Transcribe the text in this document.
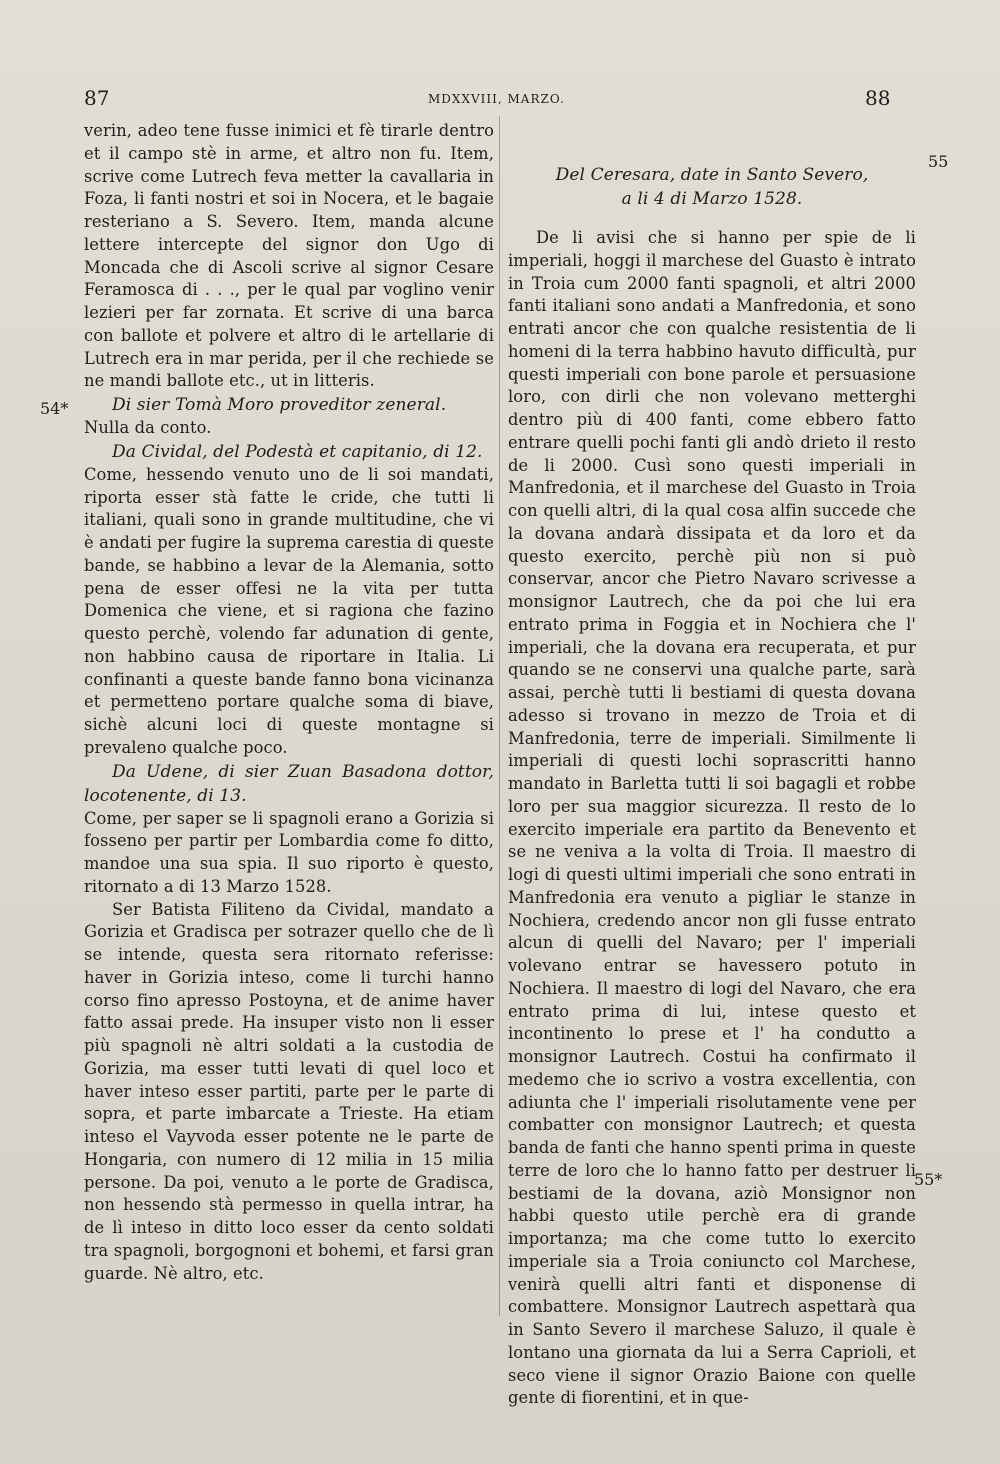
87	MDXXVIII, MARZO.	88
54*
55
55*

verin, adeo tene fusse inimici et fè tirarle dentro et il campo stè in arme, et altro non fu. Item, scrive come Lutrech feva metter la cavallaria in Foza, li fanti nostri et soi in Nocera, et le bagaie resteriano a S. Severo. Item, manda alcune lettere intercepte del signor don Ugo di Moncada che di Ascoli scrive al signor Cesare Feramosca di . . ., per le qual par voglino venir lezieri per far zornata. Et scrive di una barca con ballote et polvere et altro di le artellarie di Lutrech era in mar perida, per il che rechiede se ne mandi ballote etc., ut in litteris.

Di sier Tomà Moro proveditor zeneral.

Nulla da conto.

Da Cividal, del Podestà et capitanio, di 12.

Come, hessendo venuto uno de li soi mandati, riporta esser stà fatte le cride, che tutti li italiani, quali sono in grande multitudine, che vi è andati per fugire la suprema carestia di queste bande, se habbino a levar de la Alemania, sotto pena de esser offesi ne la vita per tutta Domenica che viene, et si ragiona che fazino questo perchè, volendo far adunation di gente, non habbino causa de riportare in Italia. Li confinanti a queste bande fanno bona vicinanza et permetteno portare qualche soma di biave, sichè alcuni loci di queste montagne si prevaleno qualche poco.

Da Udene, di sier Zuan Basadona dottor, locotenente, di 13.

Come, per saper se li spagnoli erano a Gorizia si fosseno per partir per Lombardia come fo ditto, mandoe una sua spia. Il suo riporto è questo, ritornato a di 13 Marzo 1528.

Ser Batista Filiteno da Cividal, mandato a Gorizia et Gradisca per sotrazer quello che de lì se intende, questa sera ritornato referisse: haver in Gorizia inteso, come li turchi hanno corso fino apresso Postoyna, et de anime haver fatto assai prede. Ha insuper visto non li esser più spagnoli nè altri soldati a la custodia de Gorizia, ma esser tutti levati di quel loco et haver inteso esser partiti, parte per le parte di sopra, et parte imbarcate a Trieste. Ha etiam inteso el Vayvoda esser potente ne le parte de Hongaria, con numero di 12 milia in 15 milia persone. Da poi, venuto a le porte de Gradisca, non hessendo stà permesso in quella intrar, ha de lì inteso in ditto loco esser da cento soldati tra spagnoli, borgognoni et bohemi, et farsi gran guarde. Nè altro, etc.

Del Ceresara, date in Santo Severo,

a li 4 di Marzo 1528.

De li avisi che si hanno per spie de li imperiali, hoggi il marchese del Guasto è intrato in Troia cum 2000 fanti spagnoli, et altri 2000 fanti italiani sono andati a Manfredonia, et sono entrati ancor che con qualche resistentia de li homeni di la terra habbino havuto difficultà, pur questi imperiali con bone parole et persuasione loro, con dirli che non volevano metterghi dentro più di 400 fanti, come ebbero fatto entrare quelli pochi fanti gli andò drieto il resto de li 2000. Cusì sono questi imperiali in Manfredonia, et il marchese del Guasto in Troia con quelli altri, di la qual cosa alfin succede che la dovana andarà dissipata et da loro et da questo exercito, perchè più non si può conservar, ancor che Pietro Navaro scrivesse a monsignor Lautrech, che da poi che lui era entrato prima in Foggia et in Nochiera che l' imperiali, che la dovana era recuperata, et pur quando se ne conservi una qualche parte, sarà assai, perchè tutti li bestiami di questa dovana adesso si trovano in mezzo de Troia et di Manfredonia, terre de imperiali. Similmente li imperiali di questi lochi soprascritti hanno mandato in Barletta tutti li soi bagagli et robbe loro per sua maggior sicurezza. Il resto de lo exercito imperiale era partito da Benevento et se ne veniva a la volta di Troia. Il maestro di logi di questi ultimi imperiali che sono entrati in Manfredonia era venuto a pigliar le stanze in Nochiera, credendo ancor non gli fusse entrato alcun di quelli del Navaro; per l' imperiali volevano entrar se havessero potuto in Nochiera. Il maestro di logi del Navaro, che era entrato prima di lui, intese questo et incontinento lo prese et l' ha condutto a monsignor Lautrech. Costui ha confirmato il medemo che io scrivo a vostra excellentia, con adiunta che l' imperiali risolutamente vene per combatter con monsignor Lautrech; et questa banda de fanti che hanno spenti prima in queste terre de loro che lo hanno fatto per destruer li bestiami de la dovana, aziò Monsignor non habbi questo utile perchè era di grande importanza; ma che come tutto lo exercito imperiale sia a Troia coniuncto col Marchese, venirà quelli altri fanti et disponense di combattere. Monsignor Lautrech aspettarà qua in Santo Severo il marchese Saluzo, il quale è lontano una giornata da lui a Serra Caprioli, et seco viene il signor Orazio Baione con quelle gente di fiorentini, et in que-
